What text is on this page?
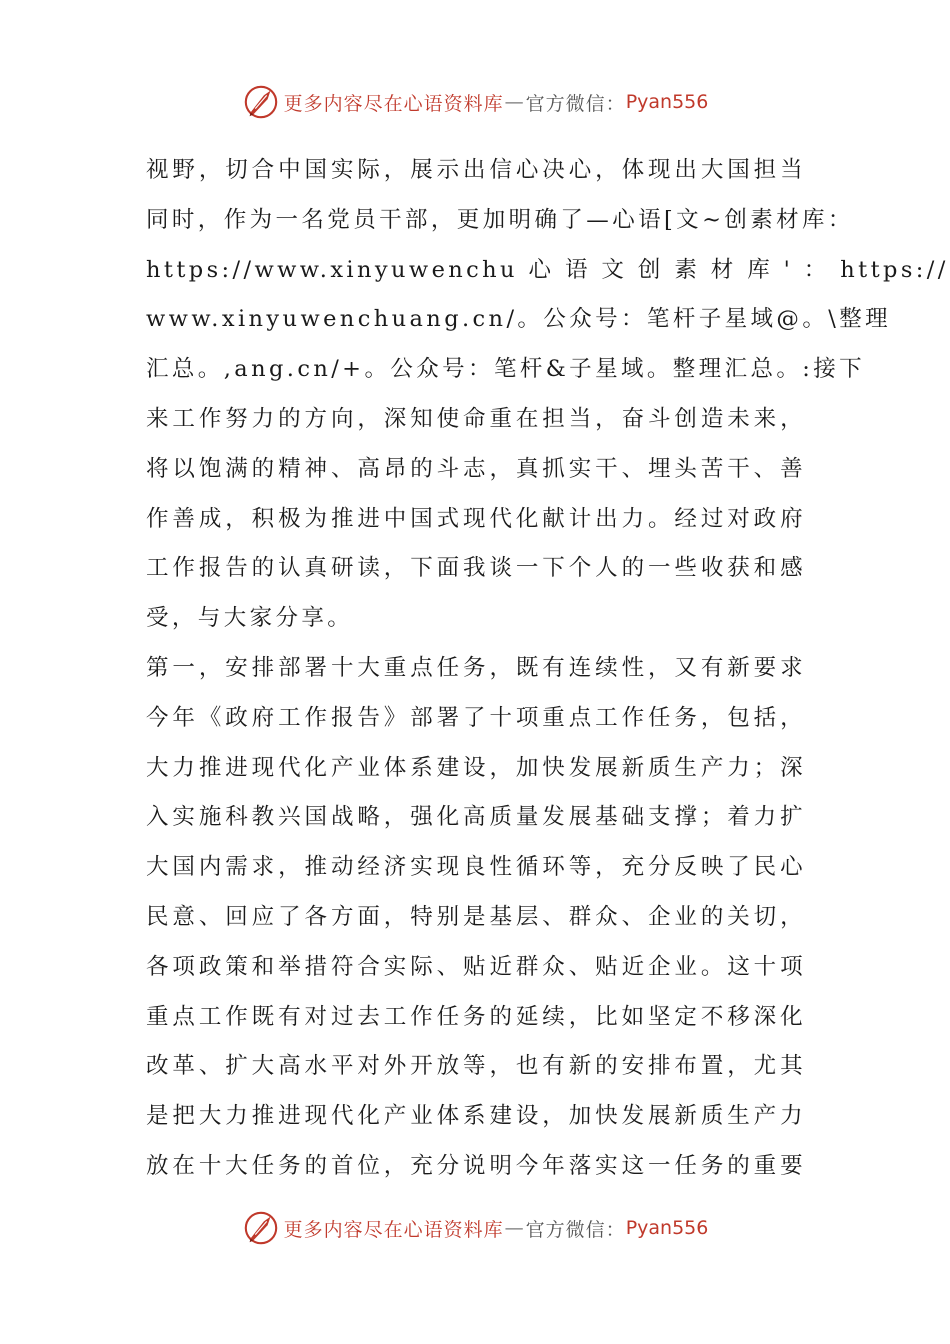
更多内容尽在心语资料库 — 官方微信： Pyan556
视野，切合中国实际，展示出信心决心，体现出大国担当
同时，作为一名党员干部，更加明确了—心语[文~创素材库：
https://www.xinyuwenchu 心 语 文 创 素 材 库 ' ： https://
www.xinyuwenchuang.cn/。公众号：笔杆子星域@。\整理
汇总。,ang.cn/+。公众号：笔杆&子星域。整理汇总。:接下
来工作努力的方向，深知使命重在担当，奋斗创造未来，
将以饱满的精神、高昂的斗志，真抓实干、埋头苦干、善
作善成，积极为推进中国式现代化献计出力。经过对政府
工作报告的认真研读，下面我谈一下个人的一些收获和感
受，与大家分享。
第一，安排部署十大重点任务，既有连续性，又有新要求
今年《政府工作报告》部署了十项重点工作任务，包括，
大力推进现代化产业体系建设，加快发展新质生产力；深
入实施科教兴国战略，强化高质量发展基础支撑；着力扩
大国内需求，推动经济实现良性循环等，充分反映了民心
民意、回应了各方面，特别是基层、群众、企业的关切，
各项政策和举措符合实际、贴近群众、贴近企业。这十项
重点工作既有对过去工作任务的延续，比如坚定不移深化
改革、扩大高水平对外开放等，也有新的安排布置，尤其
是把大力推进现代化产业体系建设，加快发展新质生产力
放在十大任务的首位，充分说明今年落实这一任务的重要
更多内容尽在心语资料库 — 官方微信： Pyan556
